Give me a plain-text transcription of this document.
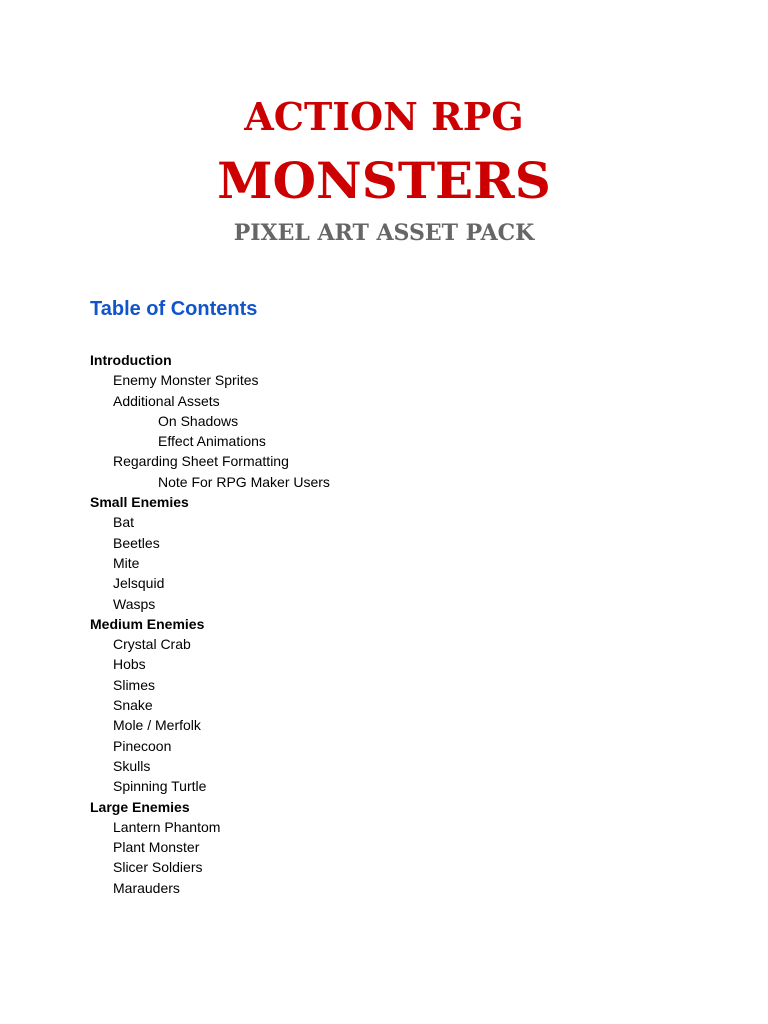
ACTION RPG
MONSTERS
PIXEL ART ASSET PACK
Table of Contents
Introduction
Enemy Monster Sprites
Additional Assets
On Shadows
Effect Animations
Regarding Sheet Formatting
Note For RPG Maker Users
Small Enemies
Bat
Beetles
Mite
Jelsquid
Wasps
Medium Enemies
Crystal Crab
Hobs
Slimes
Snake
Mole / Merfolk
Pinecoon
Skulls
Spinning Turtle
Large Enemies
Lantern Phantom
Plant Monster
Slicer Soldiers
Marauders
